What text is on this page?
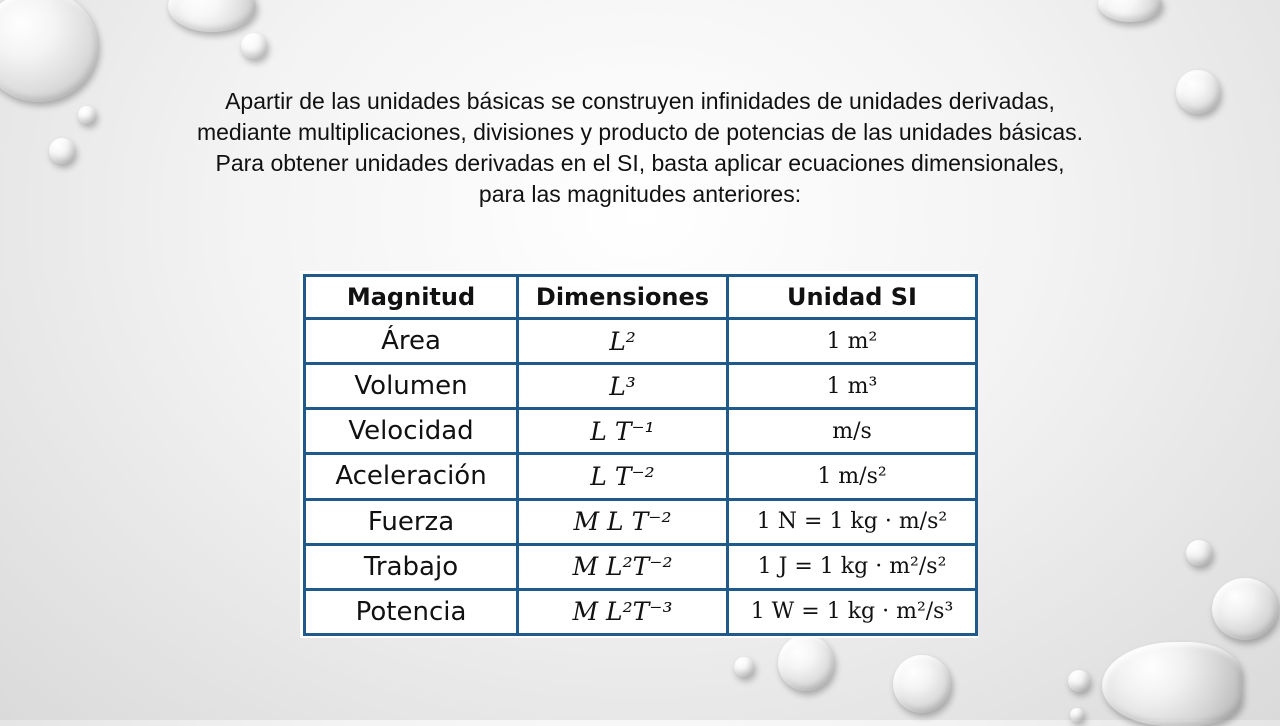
Apartir de las unidades básicas se construyen infinidades de unidades derivadas, mediante multiplicaciones, divisiones y producto de potencias de las unidades básicas.

Para obtener unidades derivadas en el SI, basta aplicar ecuaciones dimensionales, para las magnitudes anteriores:

Magnitud	Dimensiones	Unidad SI
Área	L²	1 m²
Volumen	L³	1 m³
Velocidad	L T⁻¹	m/s
Aceleración	L T⁻²	1 m/s²
Fuerza	M L T⁻²	1 N = 1 kg · m/s²
Trabajo	M L²T⁻²	1 J = 1 kg · m²/s²
Potencia	M L²T⁻³	1 W = 1 kg · m²/s³
